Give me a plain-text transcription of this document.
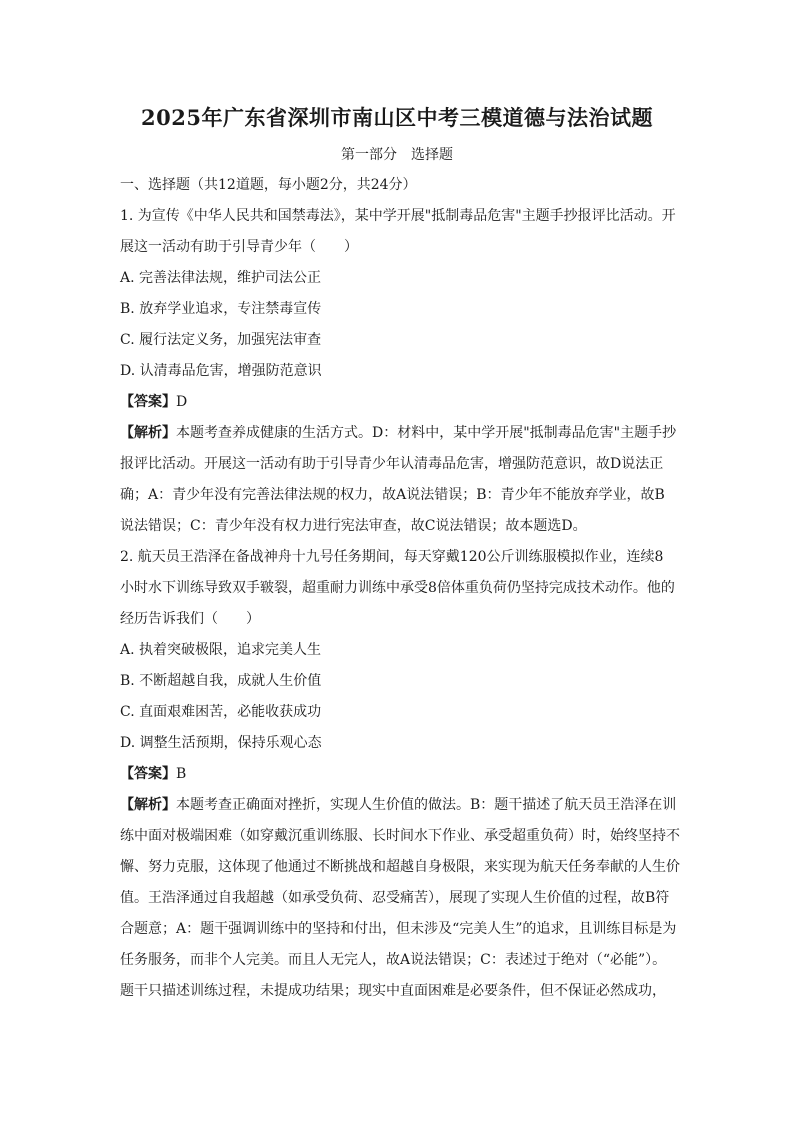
2025年广东省深圳市南山区中考三模道德与法治试题
第一部分　选择题
一、选择题（共12道题，每小题2分，共24分）
1. 为宣传《中华人民共和国禁毒法》，某中学开展"抵制毒品危害"主题手抄报评比活动。开
展这一活动有助于引导青少年（　　）
A. 完善法律法规，维护司法公正
B. 放弃学业追求，专注禁毒宣传
C. 履行法定义务，加强宪法审查
D. 认清毒品危害，增强防范意识
【答案】D
【解析】本题考查养成健康的生活方式。D：材料中，某中学开展"抵制毒品危害"主题手抄
报评比活动。开展这一活动有助于引导青少年认清毒品危害，增强防范意识，故D说法正
确；A：青少年没有完善法律法规的权力，故A说法错误；B：青少年不能放弃学业，故B
说法错误；C：青少年没有权力进行宪法审查，故C说法错误；故本题选D。
2. 航天员王浩泽在备战神舟十九号任务期间，每天穿戴120公斤训练服模拟作业，连续8
小时水下训练导致双手皲裂，超重耐力训练中承受8倍体重负荷仍坚持完成技术动作。他的
经历告诉我们（　　）
A. 执着突破极限，追求完美人生
B. 不断超越自我，成就人生价值
C. 直面艰难困苦，必能收获成功
D. 调整生活预期，保持乐观心态
【答案】B
【解析】本题考查正确面对挫折，实现人生价值的做法。B：题干描述了航天员王浩泽在训
练中面对极端困难（如穿戴沉重训练服、长时间水下作业、承受超重负荷）时，始终坚持不
懈、努力克服，这体现了他通过不断挑战和超越自身极限，来实现为航天任务奉献的人生价
值。王浩泽通过自我超越（如承受负荷、忍受痛苦），展现了实现人生价值的过程，故B符
合题意；A：题干强调训练中的坚持和付出，但未涉及“完美人生”的追求，且训练目标是为
任务服务，而非个人完美。而且人无完人，故A说法错误；C：表述过于绝对（“必能”）。
题干只描述训练过程，未提成功结果；现实中直面困难是必要条件，但不保证必然成功，
